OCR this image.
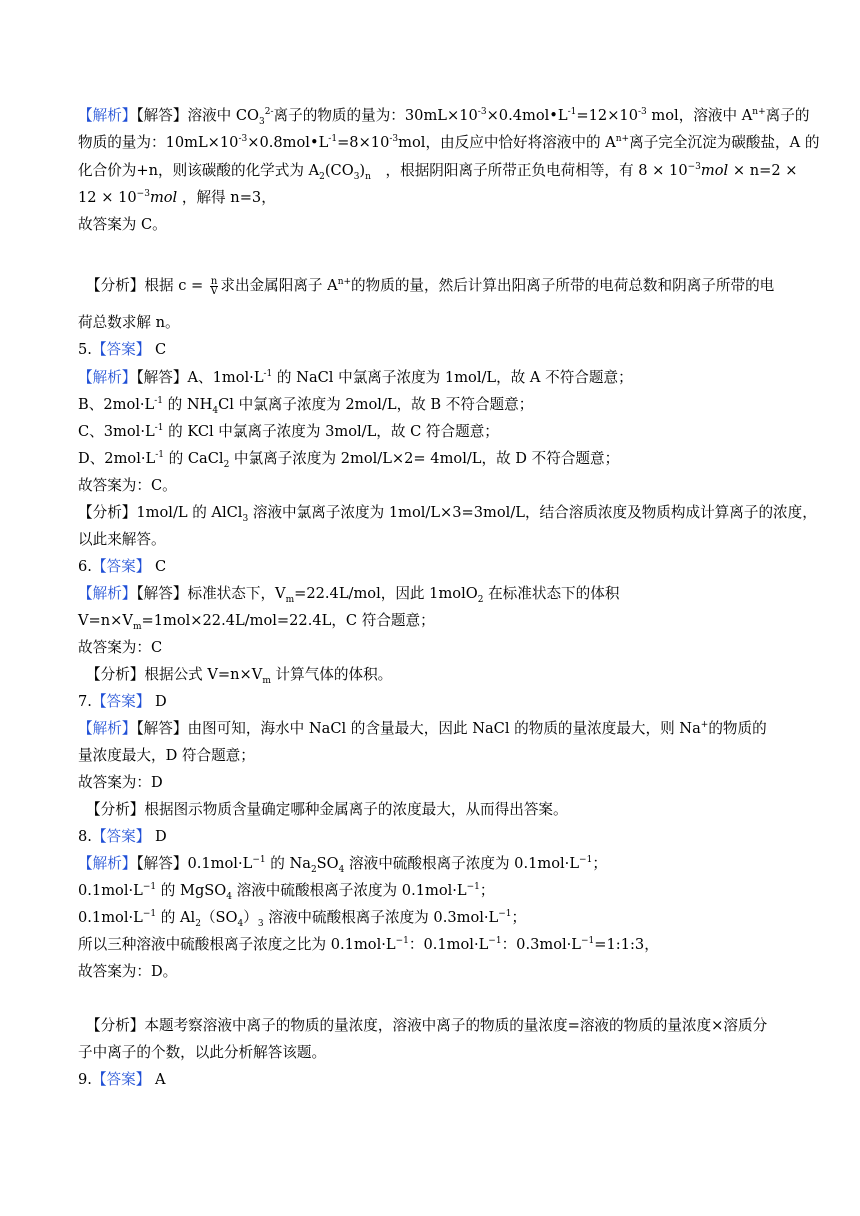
【解析】【解答】溶液中 $CO_3^{2-}$离子的物质的量为：$30mL\times 10^{-3}\times 0.4mol•L^{-1}=12\times 10^{-3}$ mol，溶液中 $A^{n+}$离子的
物质的量为：$10mL\times 10^{-3}\times 0.8mol•L^{-1}=8\times 10^{-3}mol$，由反应中恰好将溶液中的 $A^{n+}$离子完全沉淀为碳酸盐，A 的
化合价为+n，则该碳酸的化学式为 $A_2(CO_3)_n$　，根据阴阳离子所带正负电荷相等，有 $8 \times 10^{-3}mol \times n=2$ ×
$12 \times 10^{-3}mol$ ，解得 n=3，
故答案为 C。
【分析】根据 $c = \frac{n}{V}$ 求出金属阳离子 $A^{n+}$的物质的量，然后计算出阳离子所带的电荷总数和阴离子所带的电
荷总数求解 n。
5.【答案】 C
【解析】【解答】A、$1mol\cdot L^{-1}$ 的 NaCl 中氯离子浓度为 1mol/L，故 A 不符合题意；
B、$2mol\cdot L^{-1}$ 的 $NH_4Cl$ 中氯离子浓度为 2mol/L，故 B 不符合题意；
C、$3mol\cdot L^{-1}$ 的 KCl 中氯离子浓度为 3mol/L，故 C 符合题意；
D、$2mol\cdot L^{-1}$ 的 CaCl$_2$ 中氯离子浓度为 2mol/L×2= 4mol/L，故 D 不符合题意；
故答案为：C。
【分析】1mol/L 的 AlCl$_3$ 溶液中氯离子浓度为 1mol/L×3=3mol/L，结合溶质浓度及物质构成计算离子的浓度，
以此来解答。
6.【答案】 C
【解析】【解答】标准状态下，$V_m=22.4L$/mol，因此 1molO$_2$ 在标准状态下的体积
$V=n\times V_m=1mol\times 22.4L/mol=22.4L$，C 符合题意；
故答案为：C
【分析】根据公式 $V=n\times V_m$ 计算气体的体积。
7.【答案】 D
【解析】【解答】由图可知，海水中 NaCl 的含量最大，因此 NaCl 的物质的量浓度最大，则 Na+的物质的
量浓度最大，D 符合题意；
故答案为：D
【分析】根据图示物质含量确定哪种金属离子的浓度最大，从而得出答案。
8.【答案】 D
【解析】【解答】$0.1mol\cdot L^{-1}$ 的 $Na_2SO_4$ 溶液中硫酸根离子浓度为 $0.1mol\cdot L^{-1}$；
$0.1mol\cdot L^{-1}$ 的 MgSO$_4$ 溶液中硫酸根离子浓度为 $0.1mol\cdot L^{-1}$；
$0.1mol\cdot L^{-1}$ 的 $Al_2(SO_4)_3$ 溶液中硫酸根离子浓度为 $0.3mol\cdot L^{-1}$；
所以三种溶液中硫酸根离子浓度之比为 $0.1mol\cdot L^{-1}$：$0.1mol\cdot L^{-1}$：$0.3mol\cdot L^{-1}=1:1:3$，
故答案为：D。
【分析】本题考察溶液中离子的物质的量浓度，溶液中离子的物质的量浓度=溶液的物质的量浓度×溶质分
子中离子的个数，以此分析解答该题。
9.【答案】 A
